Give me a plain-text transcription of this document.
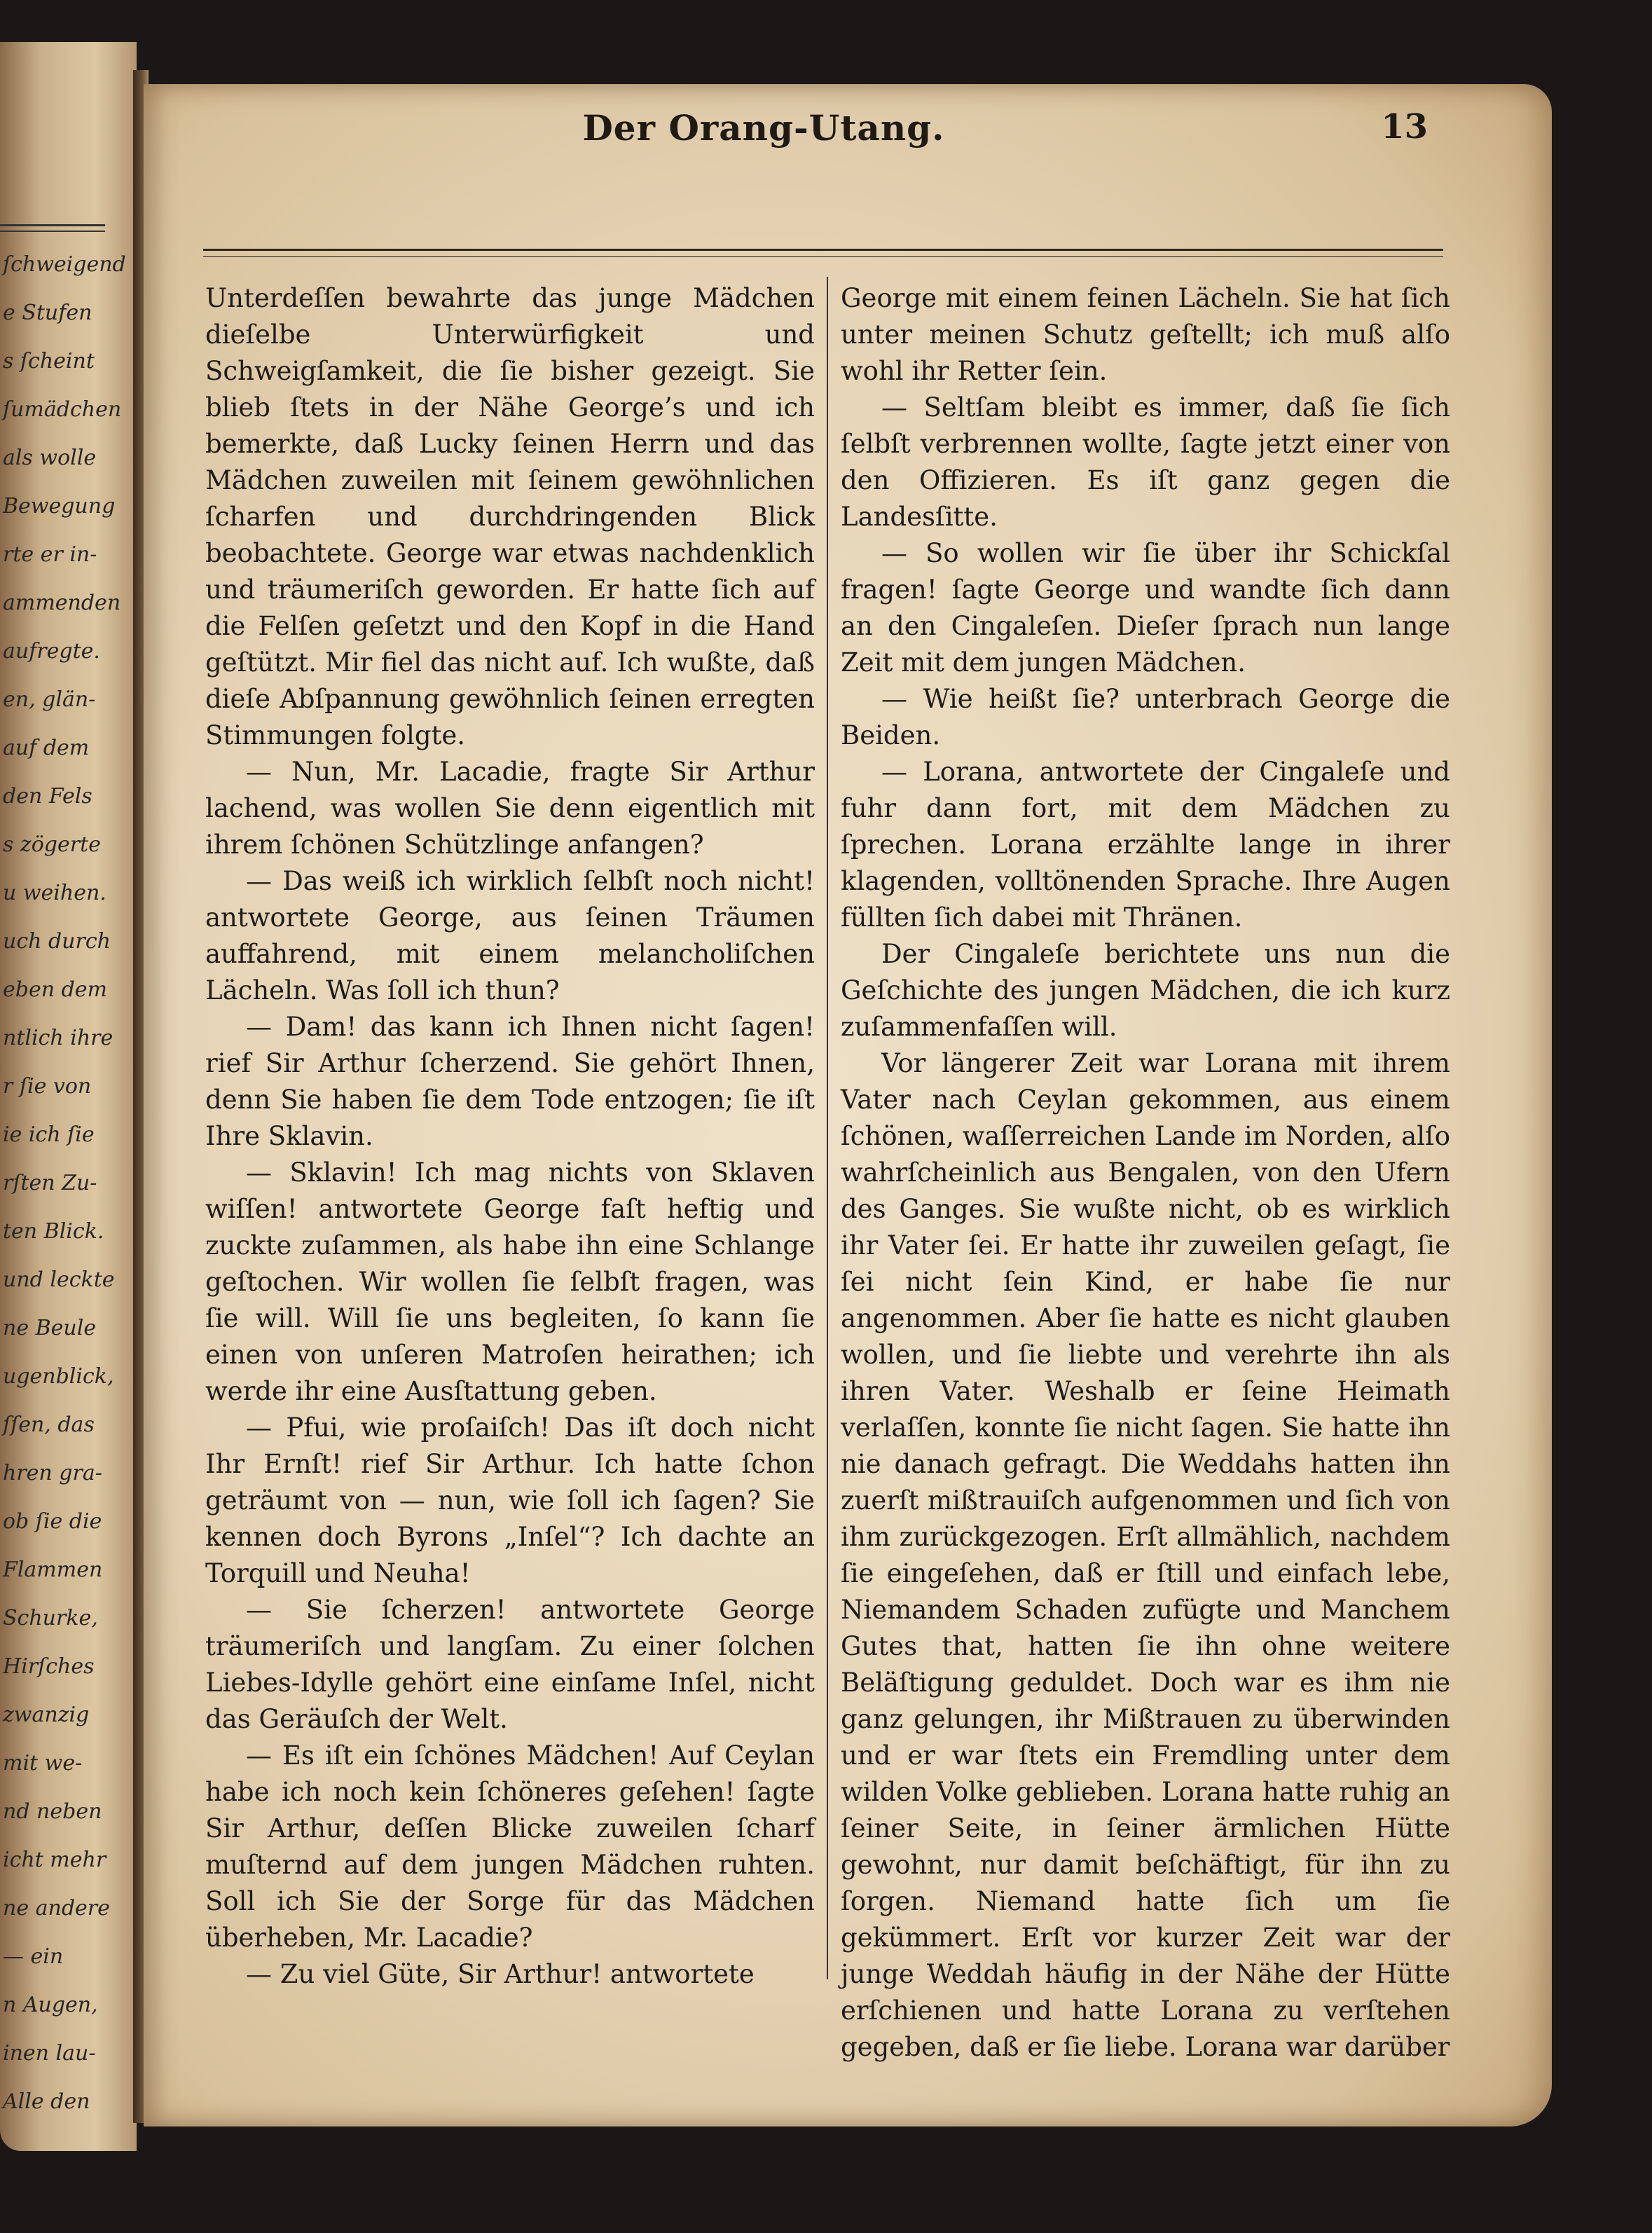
ſchweigend
e Stufen
s ſcheint
ſumädchen
als wolle
Bewegung
rte er in-
ammenden
aufregte.
en, glän-
auf dem
den Fels
s zögerte
u weihen.
uch durch
eben dem
ntlich ihre
r ſie von
ie ich ſie
rſten Zu-
ten Blick.
und leckte
ne Beule
ugenblick,
ſſen, das
hren gra-
ob ſie die
Flammen
Schurke,
Hirſches
zwanzig
mit we-
nd neben
icht mehr
ne andere
— ein
n Augen,
inen lau-
Alle den
Der Orang-Utang.	13

Unterdeſſen bewahrte das junge Mädchen dieſelbe Unterwürfigkeit und Schweigſamkeit, die ſie bisher gezeigt. Sie blieb ſtets in der Nähe George’s und ich bemerkte, daß Lucky ſeinen Herrn und das Mädchen zuweilen mit ſeinem gewöhnlichen ſcharfen und durchdringenden Blick beobachtete. George war etwas nachdenklich und träumeriſch geworden. Er hatte ſich auf die Felſen geſetzt und den Kopf in die Hand geſtützt. Mir fiel das nicht auf. Ich wußte, daß dieſe Abſpannung gewöhnlich ſeinen erregten Stimmungen folgte.

— Nun, Mr. Lacadie, fragte Sir Arthur lachend, was wollen Sie denn eigentlich mit ihrem ſchönen Schützlinge anfangen?

— Das weiß ich wirklich ſelbſt noch nicht! antwortete George, aus ſeinen Träumen auffahrend, mit einem melancholiſchen Lächeln. Was ſoll ich thun?

— Dam! das kann ich Ihnen nicht ſagen! rief Sir Arthur ſcherzend. Sie gehört Ihnen, denn Sie haben ſie dem Tode entzogen; ſie iſt Ihre Sklavin.

— Sklavin! Ich mag nichts von Sklaven wiſſen! antwortete George faſt heftig und zuckte zuſammen, als habe ihn eine Schlange geſtochen. Wir wollen ſie ſelbſt fragen, was ſie will. Will ſie uns begleiten, ſo kann ſie einen von unſeren Matroſen heirathen; ich werde ihr eine Ausſtattung geben.

— Pfui, wie proſaiſch! Das iſt doch nicht Ihr Ernſt! rief Sir Arthur. Ich hatte ſchon geträumt von — nun, wie ſoll ich ſagen? Sie kennen doch Byrons „Inſel“? Ich dachte an Torquill und Neuha!

— Sie ſcherzen! antwortete George träumeriſch und langſam. Zu einer ſolchen Liebes-Idylle gehört eine einſame Inſel, nicht das Geräuſch der Welt.

— Es iſt ein ſchönes Mädchen! Auf Ceylan habe ich noch kein ſchöneres geſehen! ſagte Sir Arthur, deſſen Blicke zuweilen ſcharf muſternd auf dem jungen Mädchen ruhten. Soll ich Sie der Sorge für das Mädchen überheben, Mr. Lacadie?

— Zu viel Güte, Sir Arthur! antwortete

George mit einem feinen Lächeln. Sie hat ſich unter meinen Schutz geſtellt; ich muß alſo wohl ihr Retter ſein.

— Seltſam bleibt es immer, daß ſie ſich ſelbſt verbrennen wollte, ſagte jetzt einer von den Offizieren. Es iſt ganz gegen die Landesſitte.

— So wollen wir ſie über ihr Schickſal fragen! ſagte George und wandte ſich dann an den Cingaleſen. Dieſer ſprach nun lange Zeit mit dem jungen Mädchen.

— Wie heißt ſie? unterbrach George die Beiden.

— Lorana, antwortete der Cingaleſe und fuhr dann fort, mit dem Mädchen zu ſprechen. Lorana erzählte lange in ihrer klagenden, volltönenden Sprache. Ihre Augen füllten ſich dabei mit Thränen.

Der Cingaleſe berichtete uns nun die Geſchichte des jungen Mädchen, die ich kurz zuſammenfaſſen will.

Vor längerer Zeit war Lorana mit ihrem Vater nach Ceylan gekommen, aus einem ſchönen, waſſerreichen Lande im Norden, alſo wahrſcheinlich aus Bengalen, von den Ufern des Ganges. Sie wußte nicht, ob es wirklich ihr Vater ſei. Er hatte ihr zuweilen geſagt, ſie ſei nicht ſein Kind, er habe ſie nur angenommen. Aber ſie hatte es nicht glauben wollen, und ſie liebte und verehrte ihn als ihren Vater. Weshalb er ſeine Heimath verlaſſen, konnte ſie nicht ſagen. Sie hatte ihn nie danach gefragt. Die Weddahs hatten ihn zuerſt mißtrauiſch aufgenommen und ſich von ihm zurückgezogen. Erſt allmählich, nachdem ſie eingeſehen, daß er ſtill und einfach lebe, Niemandem Schaden zufügte und Manchem Gutes that, hatten ſie ihn ohne weitere Beläſtigung geduldet. Doch war es ihm nie ganz gelungen, ihr Mißtrauen zu überwinden und er war ſtets ein Fremdling unter dem wilden Volke geblieben. Lorana hatte ruhig an ſeiner Seite, in ſeiner ärmlichen Hütte gewohnt, nur damit beſchäftigt, für ihn zu ſorgen. Niemand hatte ſich um ſie gekümmert. Erſt vor kurzer Zeit war der junge Weddah häufig in der Nähe der Hütte erſchienen und hatte Lorana zu verſtehen gegeben, daß er ſie liebe. Lorana war darüber
